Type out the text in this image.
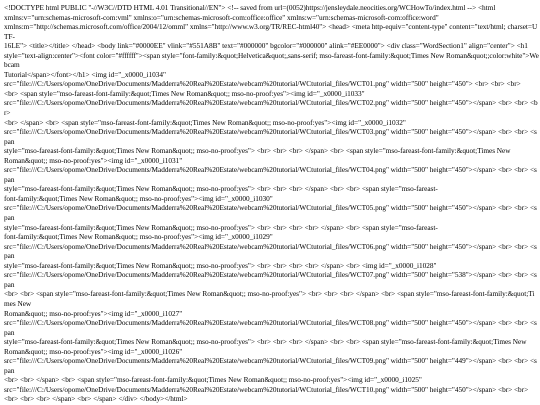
<!DOCTYPE html PUBLIC "-//W3C//DTD HTML 4.01 Transitional//EN"> <!-- saved from url=(0052)https://jensleydale.neocities.org/WCHowTo/index.html --> <html
xmlns:v="urn:schemas-microsoft-com:vml" xmlns:o="urn:schemas-microsoft-com:office:office" xmlns:w="urn:schemas-microsoft-com:office:word"
xmlns:m="http://schemas.microsoft.com/office/2004/12/omml" xmlns="http://www.w3.org/TR/REC-html40"> <head> <meta http-equiv="content-type" content="text/html; charset=UTF-
16LE"> <title></title> </head> <body link="#0000EE" vlink="#551A8B" text="#000000" bgcolor="#000000" alink="#EE0000"> <div class="WordSection1" align="center"> <h1
style="text-align:center"><font color="#ffffff"><span style="font-family:&quot;Helvetica&quot;,sans-serif; mso-fareast-font-family:&quot;Times New Roman&quot;;color:white">Webcam
Tutorial</span></font></h1> <img id="_x0000_i1034"
src="file:///C:/Users/opome/OneDrive/Documents/Madderra%20Real%20Estate/webcam%20tutorial/WCtutorial_files/WCT01.png" width="500" height="450"> <br> <br> <br>
<br> <span style="mso-fareast-font-family:&quot;Times New Roman&quot;; mso-no-proof:yes"><img id="_x0000_i1033"
src="file:///C:/Users/opome/OneDrive/Documents/Madderra%20Real%20Estate/webcam%20tutorial/WCtutorial_files/WCT02.png" width="500" height="450"></span> <br> <br> <br>
<br> </span> <br> <span style="mso-fareast-font-family:&quot;Times New Roman&quot;; mso-no-proof:yes"><img id="_x0000_i1032"
src="file:///C:/Users/opome/OneDrive/Documents/Madderra%20Real%20Estate/webcam%20tutorial/WCtutorial_files/WCT03.png" width="500" height="450"></span> <br> <br> <span
style="mso-fareast-font-family:&quot;Times New Roman&quot;; mso-no-proof:yes"> <br> <br> <br> </span> <br> <span style="mso-fareast-font-family:&quot;Times New
Roman&quot;; mso-no-proof:yes"><img id="_x0000_i1031"
src="file:///C:/Users/opome/OneDrive/Documents/Madderra%20Real%20Estate/webcam%20tutorial/WCtutorial_files/WCT04.png" width="500" height="450"></span> <br> <br> <span
style="mso-fareast-font-family:&quot;Times New Roman&quot;; mso-no-proof:yes"> <br> <br> <br> </span> <br> <br> <span style="mso-fareast-
font-family:&quot;Times New Roman&quot;; mso-no-proof:yes"><img id="_x0000_i1030"
src="file:///C:/Users/opome/OneDrive/Documents/Madderra%20Real%20Estate/webcam%20tutorial/WCtutorial_files/WCT05.png" width="500" height="450"></span> <br> <br> <span
style="mso-fareast-font-family:&quot;Times New Roman&quot;; mso-no-proof:yes"> <br> <br> <br> <br> </span> <br> <span style="mso-fareast-
font-family:&quot;Times New Roman&quot;; mso-no-proof:yes"><img id="_x0000_i1029"
src="file:///C:/Users/opome/OneDrive/Documents/Madderra%20Real%20Estate/webcam%20tutorial/WCtutorial_files/WCT06.png" width="500" height="450"></span> <br> <br> <span
style="mso-fareast-font-family:&quot;Times New Roman&quot;; mso-no-proof:yes"> <br> <br> <br> <br> </span> <br> <img id="_x0000_i1028"
src="file:///C:/Users/opome/OneDrive/Documents/Madderra%20Real%20Estate/webcam%20tutorial/WCtutorial_files/WCT07.png" width="500" height="538"></span> <br> <br> <span
<br> <br> <span style="mso-fareast-font-family:&quot;Times New Roman&quot;; mso-no-proof:yes"> <br> <br> <br> </span> <br> <span style="mso-fareast-font-family:&quot;Times New
Roman&quot;; mso-no-proof:yes"><img id="_x0000_i1027"
src="file:///C:/Users/opome/OneDrive/Documents/Madderra%20Real%20Estate/webcam%20tutorial/WCtutorial_files/WCT08.png" width="500" height="450"></span> <br> <br> <span
style="mso-fareast-font-family:&quot;Times New Roman&quot;; mso-no-proof:yes"> <br> <br> <br> </span> <br> <br> <span style="mso-fareast-font-family:&quot;Times New
Roman&quot;; mso-no-proof:yes"><img id="_x0000_i1026"
src="file:///C:/Users/opome/OneDrive/Documents/Madderra%20Real%20Estate/webcam%20tutorial/WCtutorial_files/WCT09.png" width="500" height="449"></span> <br> <br> <span
<br> <br> </span> <br> <span style="mso-fareast-font-family:&quot;Times New Roman&quot;; mso-no-proof:yes"><img id="_x0000_i1025"
src="file:///C:/Users/opome/OneDrive/Documents/Madderra%20Real%20Estate/webcam%20tutorial/WCtutorial_files/WCT10.png" width="500" height="450"></span> <br> <br>
<br> <br> <br> </span> <br> </span> </div> </body></html>
